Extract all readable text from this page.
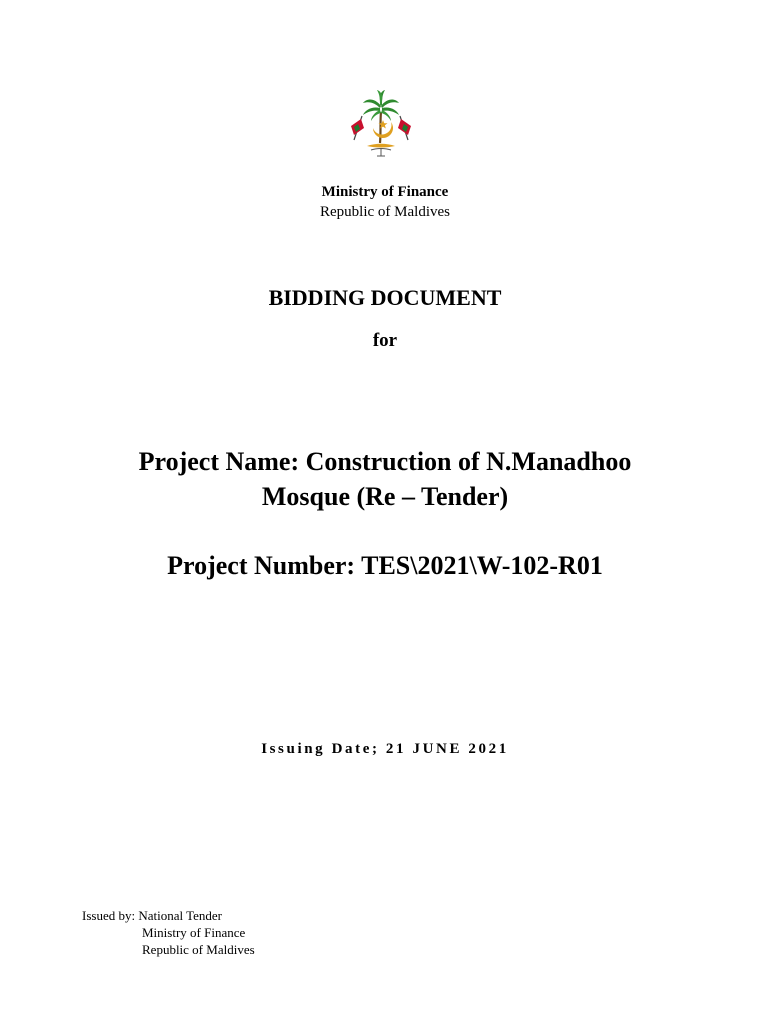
Ministry of Finance
Republic of Maldives
BIDDING DOCUMENT
for
Project Name: Construction of N.Manadhoo
Mosque (Re – Tender)
Project Number: TES\2021\W-102-R01
Issuing Date; 21 JUNE 2021
Issued by: National Tender
Ministry of Finance
Republic of Maldives
